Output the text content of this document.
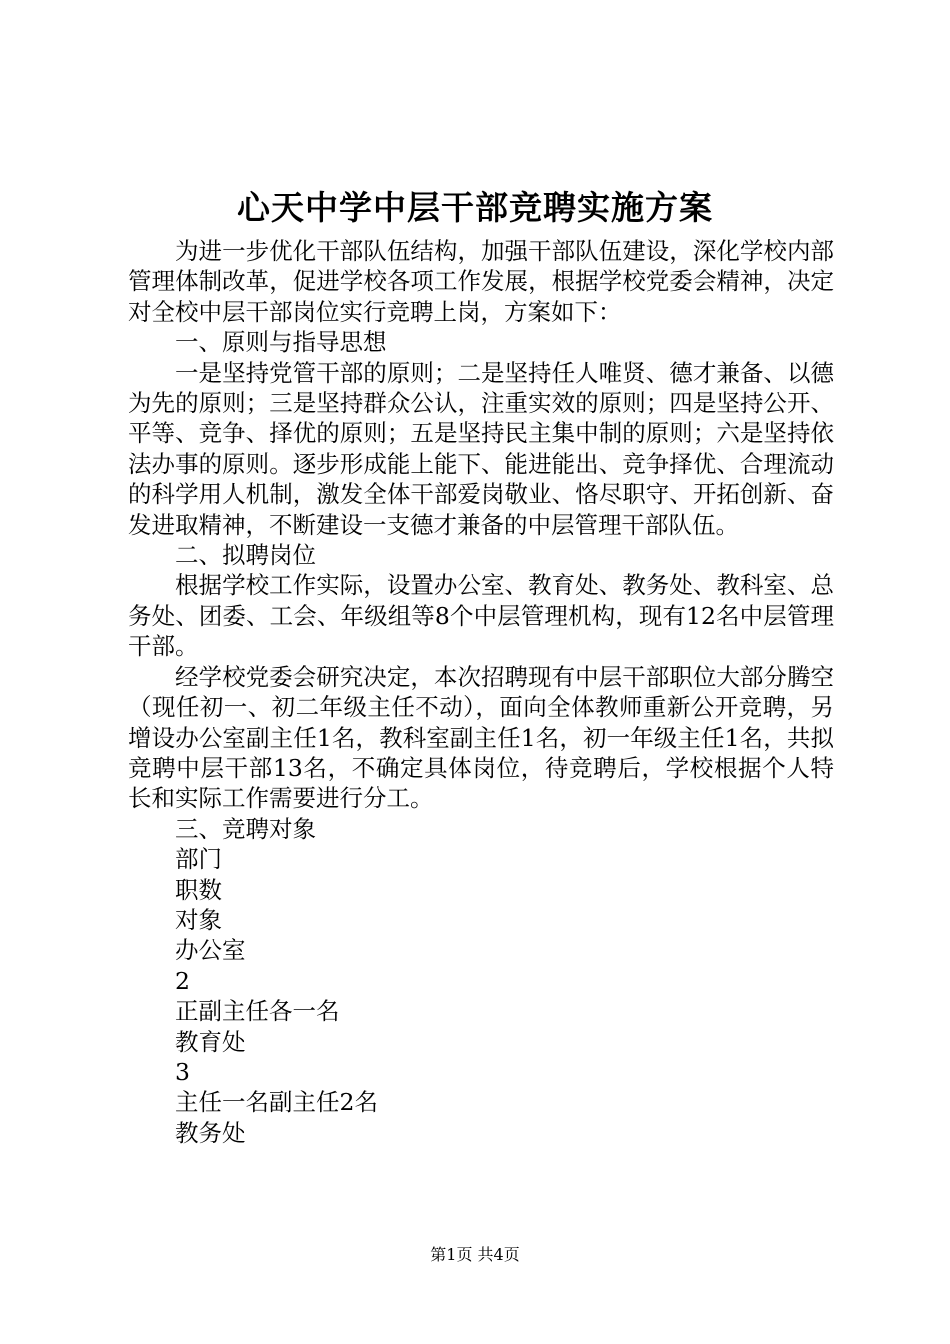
心天中学中层干部竞聘实施方案

为进一步优化干部队伍结构，加强干部队伍建设，深化学校内部管理体制改革，促进学校各项工作发展，根据学校党委会精神，决定对全校中层干部岗位实行竞聘上岗，方案如下：

一、原则与指导思想

一是坚持党管干部的原则；二是坚持任人唯贤、德才兼备、以德为先的原则；三是坚持群众公认，注重实效的原则；四是坚持公开、平等、竞争、择优的原则；五是坚持民主集中制的原则；六是坚持依法办事的原则。逐步形成能上能下、能进能出、竞争择优、合理流动的科学用人机制，激发全体干部爱岗敬业、恪尽职守、开拓创新、奋发进取精神，不断建设一支德才兼备的中层管理干部队伍。

二、拟聘岗位

根据学校工作实际，设置办公室、教育处、教务处、教科室、总务处、团委、工会、年级组等8个中层管理机构，现有12名中层管理干部。

经学校党委会研究决定，本次招聘现有中层干部职位大部分腾空（现任初一、初二年级主任不动），面向全体教师重新公开竞聘，另增设办公室副主任1名，教科室副主任1名，初一年级主任1名，共拟竞聘中层干部13名，不确定具体岗位，待竞聘后，学校根据个人特长和实际工作需要进行分工。

三、竞聘对象

部门

职数

对象

办公室

2

正副主任各一名

教育处

3

主任一名副主任2名

教务处

第1页 共4页
